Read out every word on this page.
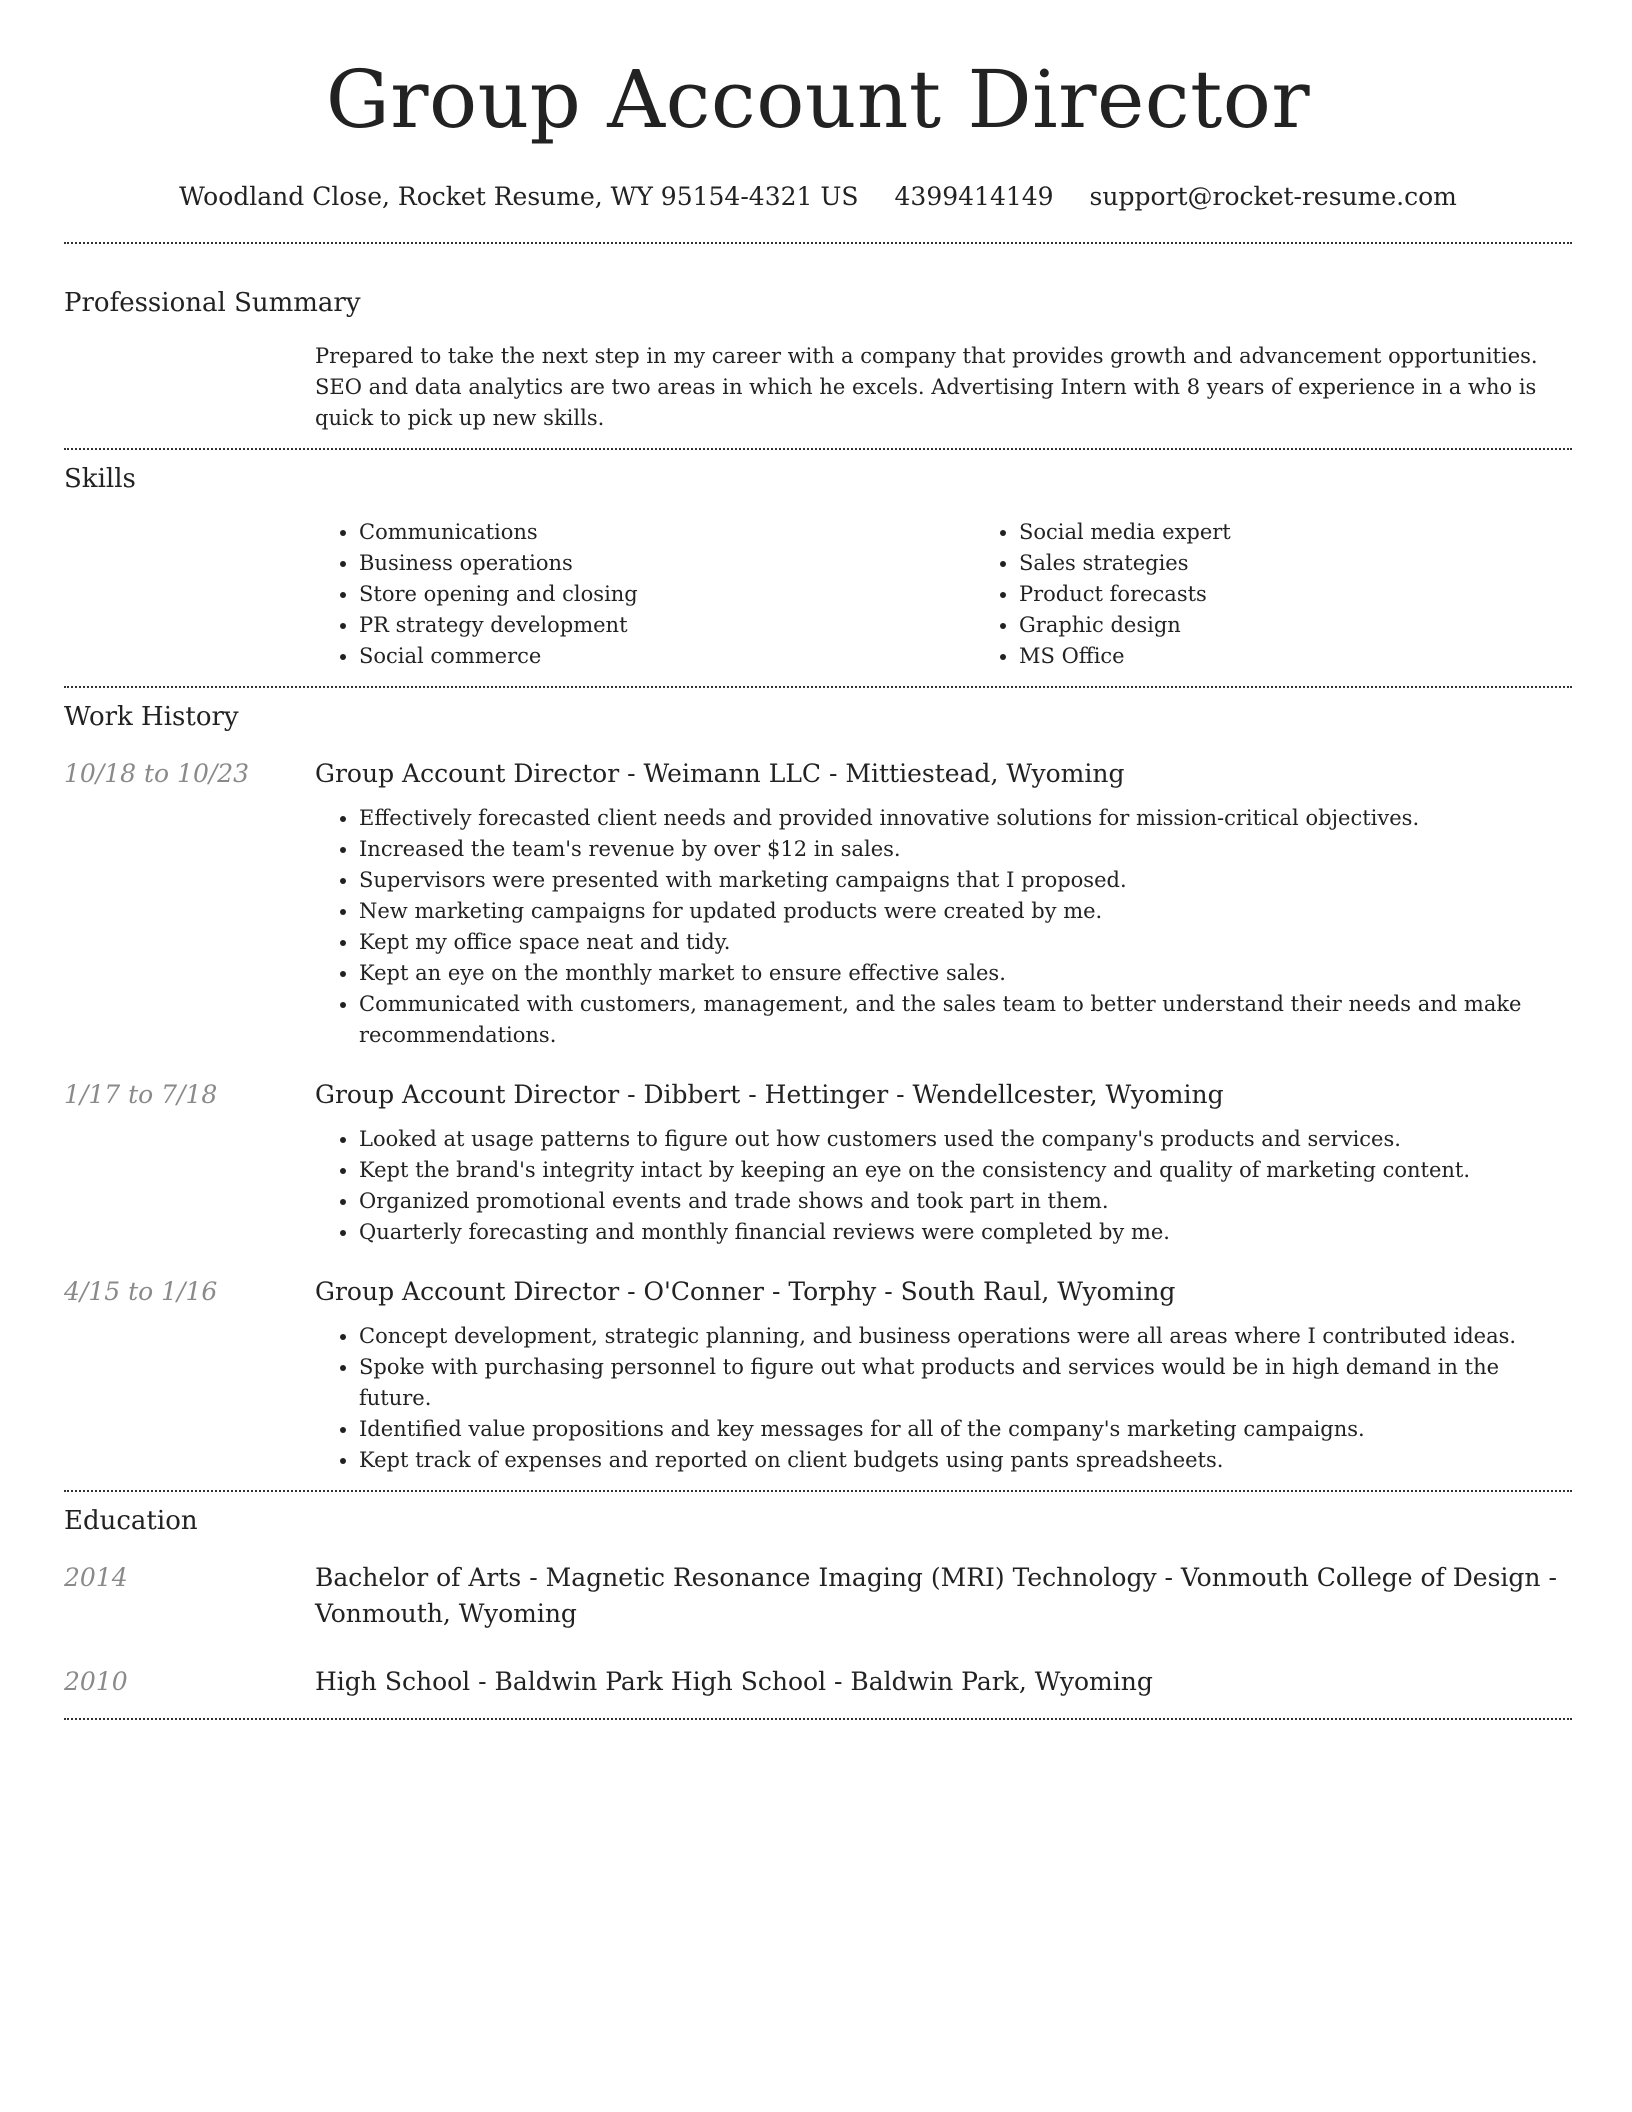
Group Account Director
Woodland Close, Rocket Resume, WY 95154-4321 US 4399414149 support@rocket-resume.com
Professional Summary
Prepared to take the next step in my career with a company that provides growth and advancement opportunities. SEO and data analytics are two areas in which he excels. Advertising Intern with 8 years of experience in a who is quick to pick up new skills.
Skills
• Communications
• Business operations
• Store opening and closing
• PR strategy development
• Social commerce
• Social media expert
• Sales strategies
• Product forecasts
• Graphic design
• MS Office
Work History
10/18 to 10/23	Group Account Director - Weimann LLC - Mittiestead, Wyoming
• Effectively forecasted client needs and provided innovative solutions for mission-critical objectives.
• Increased the team's revenue by over $12 in sales.
• Supervisors were presented with marketing campaigns that I proposed.
• New marketing campaigns for updated products were created by me.
• Kept my office space neat and tidy.
• Kept an eye on the monthly market to ensure effective sales.
• Communicated with customers, management, and the sales team to better understand their needs and make recommendations.
1/17 to 7/18	Group Account Director - Dibbert - Hettinger - Wendellcester, Wyoming
• Looked at usage patterns to figure out how customers used the company's products and services.
• Kept the brand's integrity intact by keeping an eye on the consistency and quality of marketing content.
• Organized promotional events and trade shows and took part in them.
• Quarterly forecasting and monthly financial reviews were completed by me.
4/15 to 1/16	Group Account Director - O'Conner - Torphy - South Raul, Wyoming
• Concept development, strategic planning, and business operations were all areas where I contributed ideas.
• Spoke with purchasing personnel to figure out what products and services would be in high demand in the future.
• Identified value propositions and key messages for all of the company's marketing campaigns.
• Kept track of expenses and reported on client budgets using pants spreadsheets.
Education
2014	Bachelor of Arts - Magnetic Resonance Imaging (MRI) Technology - Vonmouth College of Design - Vonmouth, Wyoming
2010	High School - Baldwin Park High School - Baldwin Park, Wyoming
